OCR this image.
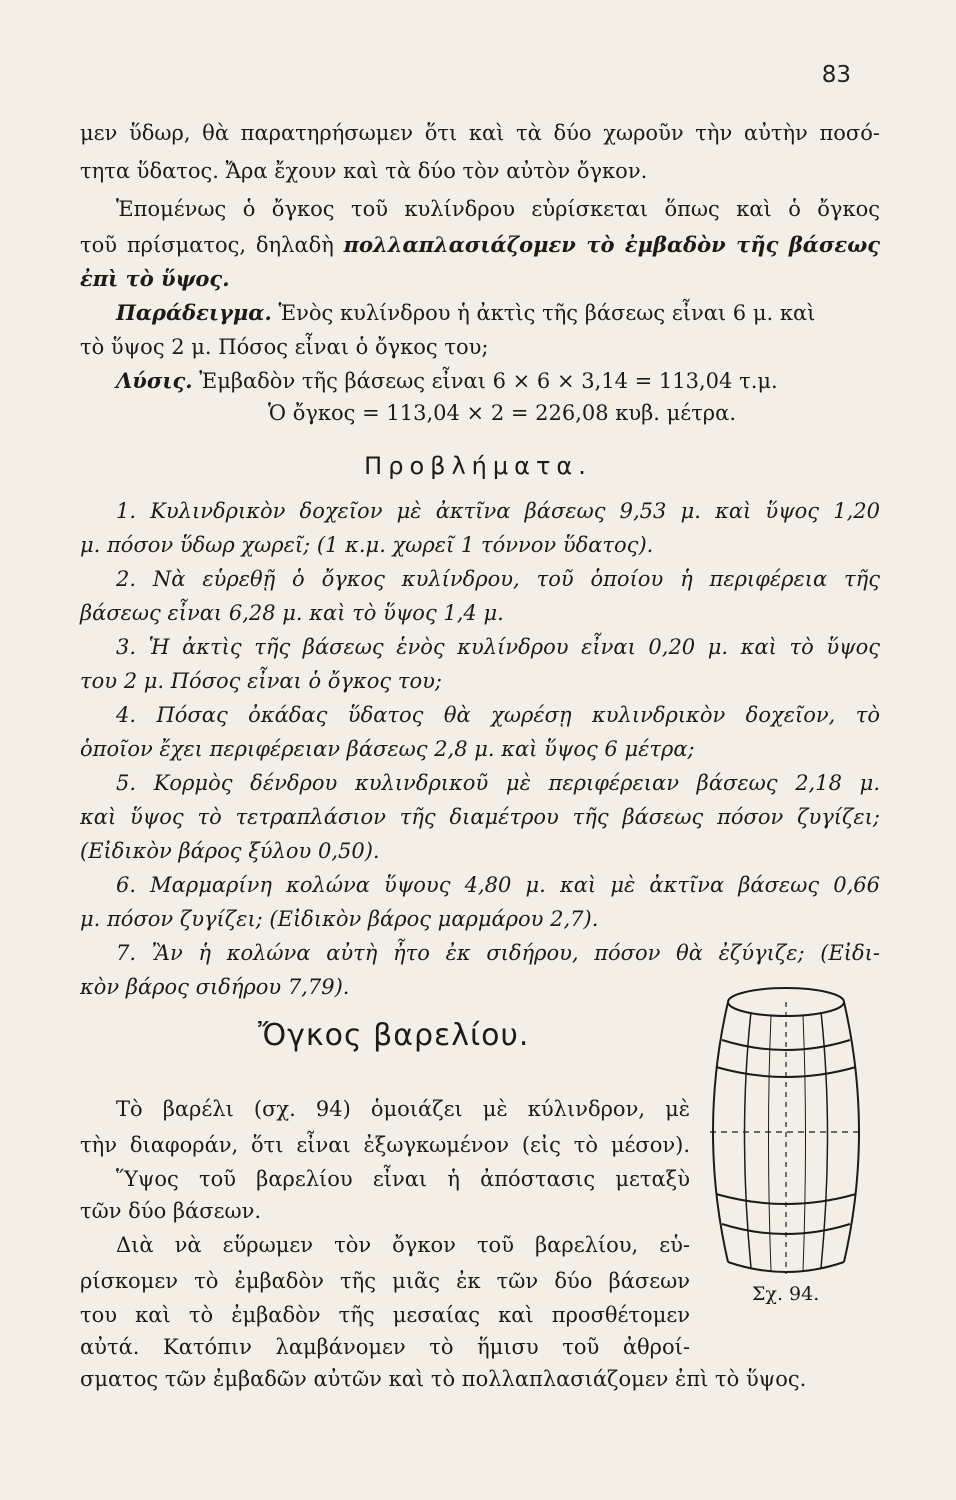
83
μεν ὕδωρ, θὰ παρατηρήσωμεν ὅτι καὶ τὰ δύο χωροῦν τὴν αὐτὴν ποσό-
τητα ὕδατος. Ἄρα ἔχουν καὶ τὰ δύο τὸν αὐτὸν ὄγκον.
Ἑπομένως ὁ ὄγκος τοῦ κυλίνδρου εὑρίσκεται ὅπως καὶ ὁ ὄγκος
τοῦ πρίσματος, δηλαδὴ πολλαπλασιάζομεν τὸ ἐμβαδὸν τῆς βάσεως
ἐπὶ τὸ ὕψος.
Παράδειγμα. Ἑνὸς κυλίνδρου ἡ ἀκτὶς τῆς βάσεως εἶναι 6 μ. καὶ
τὸ ὕψος 2 μ. Πόσος εἶναι ὁ ὄγκος του;
Λύσις. Ἐμβαδὸν τῆς βάσεως εἶναι 6 × 6 × 3,14 = 113,04 τ.μ.
Ὁ ὄγκος = 113,04 × 2 = 226,08 κυβ. μέτρα.
Προβλήματα.
1. Κυλινδρικὸν δοχεῖον μὲ ἀκτῖνα βάσεως 9,53 μ. καὶ ὕψος 1,20
μ. πόσον ὕδωρ χωρεῖ; (1 κ.μ. χωρεῖ 1 τόννον ὕδατος).
2. Νὰ εὑρεθῇ ὁ ὄγκος κυλίνδρου, τοῦ ὁποίου ἡ περιφέρεια τῆς
βάσεως εἶναι 6,28 μ. καὶ τὸ ὕψος 1,4 μ.
3. Ἡ ἀκτὶς τῆς βάσεως ἑνὸς κυλίνδρου εἶναι 0,20 μ. καὶ τὸ ὕψος
του 2 μ. Πόσος εἶναι ὁ ὄγκος του;
4. Πόσας ὀκάδας ὕδατος θὰ χωρέσῃ κυλινδρικὸν δοχεῖον, τὸ
ὁποῖον ἔχει περιφέρειαν βάσεως 2,8 μ. καὶ ὕψος 6 μέτρα;
5. Κορμὸς δένδρου κυλινδρικοῦ μὲ περιφέρειαν βάσεως 2,18 μ.
καὶ ὕψος τὸ τετραπλάσιον τῆς διαμέτρου τῆς βάσεως πόσον ζυγίζει;
(Εἰδικὸν βάρος ξύλου 0,50).
6. Μαρμαρίνη κολώνα ὕψους 4,80 μ. καὶ μὲ ἀκτῖνα βάσεως 0,66
μ. πόσον ζυγίζει; (Εἰδικὸν βάρος μαρμάρου 2,7).
7. Ἂν ἡ κολώνα αὐτὴ ἦτο ἐκ σιδήρου, πόσον θὰ ἐζύγιζε; (Εἰδι-
κὸν βάρος σιδήρου 7,79).
Ὄγκος βαρελίου.
Τὸ βαρέλι (σχ. 94) ὁμοιάζει μὲ κύλινδρον, μὲ
τὴν διαφοράν, ὅτι εἶναι ἐξωγκωμένον (εἰς τὸ μέσον).
Ὕψος τοῦ βαρελίου εἶναι ἡ ἀπόστασις μεταξὺ
τῶν δύο βάσεων.
Διὰ νὰ εὕρωμεν τὸν ὄγκον τοῦ βαρελίου, εὑ-
ρίσκομεν τὸ ἐμβαδὸν τῆς μιᾶς ἐκ τῶν δύο βάσεων
του καὶ τὸ ἐμβαδὸν τῆς μεσαίας καὶ προσθέτομεν
αὐτά. Κατόπιν λαμβάνομεν τὸ ἥμισυ τοῦ ἀθροί-
σματος τῶν ἐμβαδῶν αὐτῶν καὶ τὸ πολλαπλασιάζομεν ἐπὶ τὸ ὕψος.
Σχ. 94.
